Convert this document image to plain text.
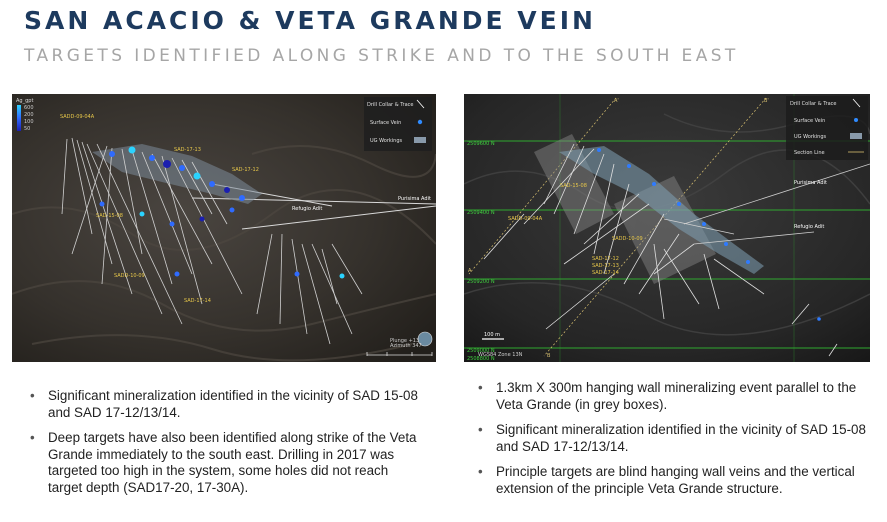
SAN ACACIO & VETA GRANDE VEIN
TARGETS IDENTIFIED ALONG STRIKE AND TO THE SOUTH EAST
Ag_gpt
600
200
100
50
Drill Collar & Trace
Surface Vein
UG Workings
SADD-09-04A
SAD-17-13
SAD-17-12
SAD-15-08
SADD-10-09
SAD-17-14
Refugio Adit
Purisima Adit
Plunge +13
Azimuth 347
Drill Collar & Trace
Surface Vein
UG Workings
Section Line
A'	B'
A
B
2509600 N
2509400 N
2509200 N
2509000 N
2508800 N
SAD-15-08
SADD-09-04A
SADD-10-09
SAD-17-12
SAD-17-13
SAD-17-14
Purisima Adit
Refugio Adit
100 m
WGS84 Zone 13N
• Significant mineralization identified in the vicinity of SAD 15-08 and SAD 17-12/13/14.
• Deep targets have also been identified along strike of the Veta Grande immediately to the south east. Drilling in 2017 was targeted too high in the system, some holes did not reach target depth (SAD17-20, 17-30A).
• 1.3km X 300m hanging wall mineralizing event parallel to the Veta Grande (in grey boxes).
• Significant mineralization identified in the vicinity of SAD 15-08 and SAD 17-12/13/14.
• Principle targets are blind hanging wall veins and the vertical extension of the principle Veta Grande structure.
